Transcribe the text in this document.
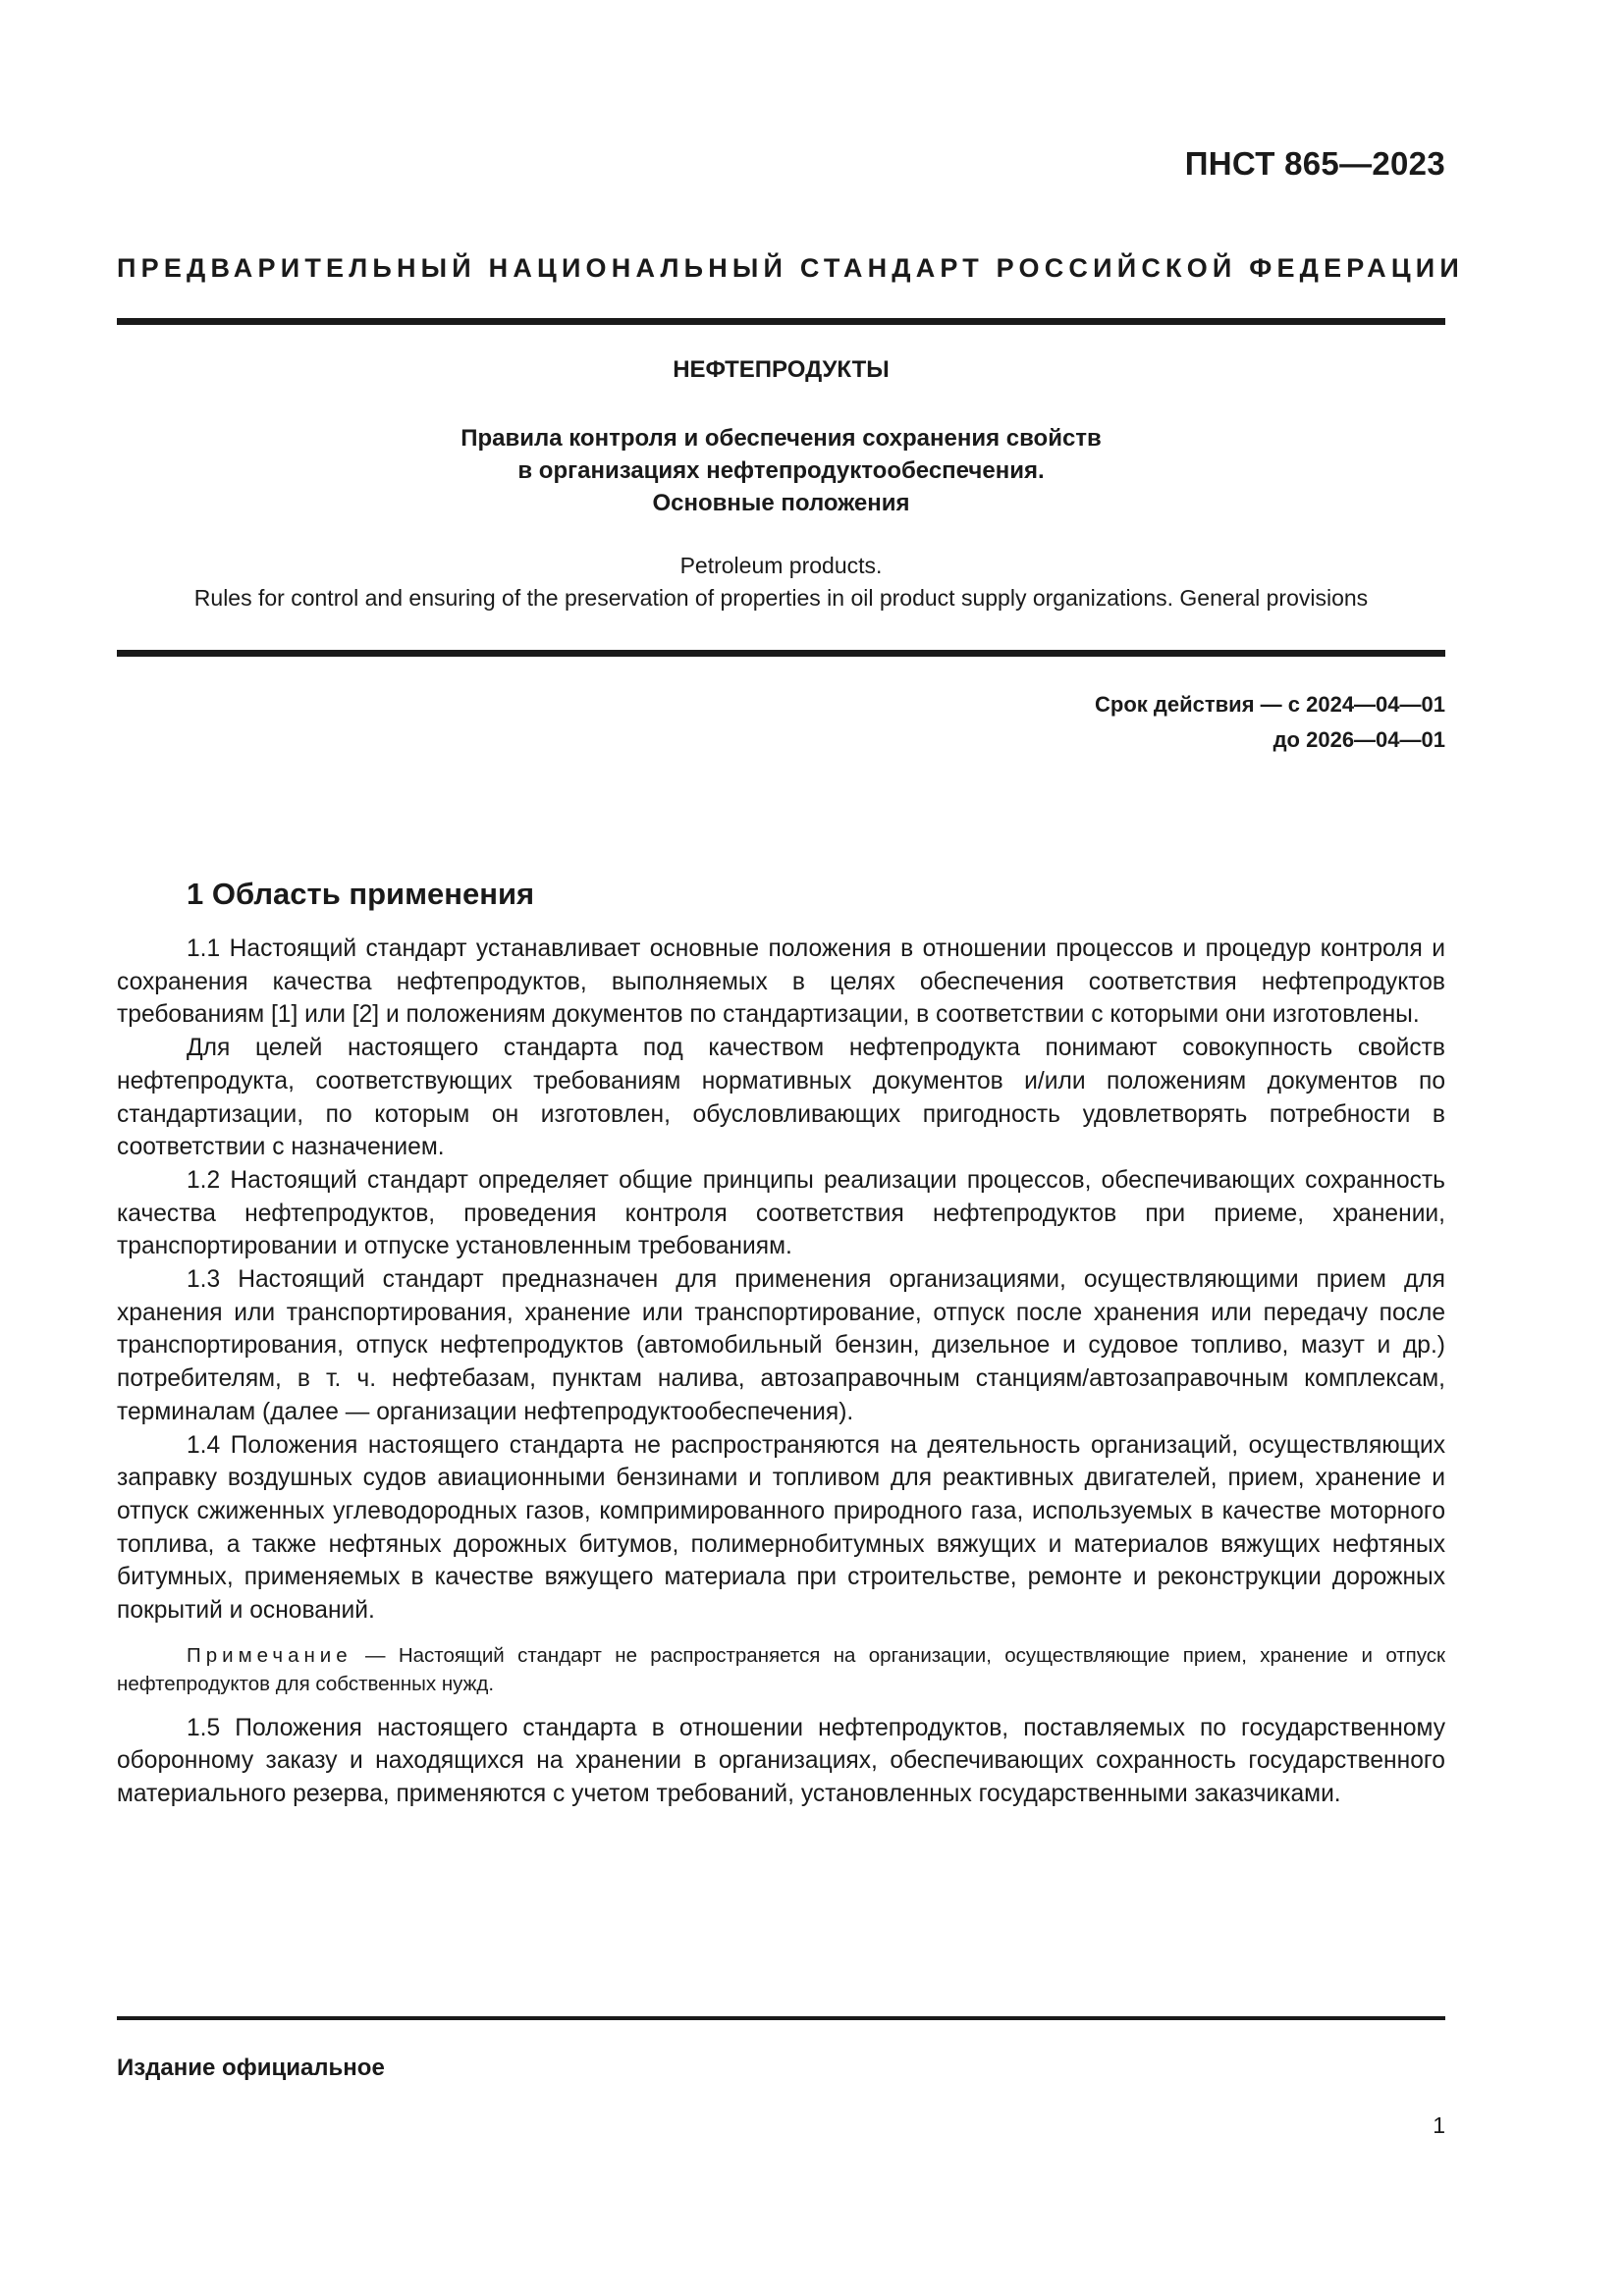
ПНСТ 865—2023
ПРЕДВАРИТЕЛЬНЫЙ НАЦИОНАЛЬНЫЙ СТАНДАРТ РОССИЙСКОЙ ФЕДЕРАЦИИ
НЕФТЕПРОДУКТЫ
Правила контроля и обеспечения сохранения свойств
в организациях нефтепродуктообеспечения.
Основные положения
Petroleum products.
Rules for control and ensuring of the preservation of properties in oil product supply organizations. General provisions
Срок действия — с 2024—04—01
до 2026—04—01
1 Область применения

1.1 Настоящий стандарт устанавливает основные положения в отношении процессов и процедур контроля и сохранения качества нефтепродуктов, выполняемых в целях обеспечения соответствия нефтепродуктов требованиям [1] или [2] и положениям документов по стандартизации, в соответствии с которыми они изготовлены.

Для целей настоящего стандарта под качеством нефтепродукта понимают совокупность свойств нефтепродукта, соответствующих требованиям нормативных документов и/или положениям документов по стандартизации, по которым он изготовлен, обусловливающих пригодность удовлетворять потребности в соответствии с назначением.

1.2 Настоящий стандарт определяет общие принципы реализации процессов, обеспечивающих сохранность качества нефтепродуктов, проведения контроля соответствия нефтепродуктов при приеме, хранении, транспортировании и отпуске установленным требованиям.

1.3 Настоящий стандарт предназначен для применения организациями, осуществляющими прием для хранения или транспортирования, хранение или транспортирование, отпуск после хранения или передачу после транспортирования, отпуск нефтепродуктов (автомобильный бензин, дизельное и судовое топливо, мазут и др.) потребителям, в т. ч. нефтебазам, пунктам налива, автозаправочным станциям/автозаправочным комплексам, терминалам (далее — организации нефтепродуктообеспечения).

1.4 Положения настоящего стандарта не распространяются на деятельность организаций, осуществляющих заправку воздушных судов авиационными бензинами и топливом для реактивных двигателей, прием, хранение и отпуск сжиженных углеводородных газов, компримированного природного газа, используемых в качестве моторного топлива, а также нефтяных дорожных битумов, полимернобитумных вяжущих и материалов вяжущих нефтяных битумных, применяемых в качестве вяжущего материала при строительстве, ремонте и реконструкции дорожных покрытий и оснований.

Примечание — Настоящий стандарт не распространяется на организации, осуществляющие прием, хранение и отпуск нефтепродуктов для собственных нужд.

1.5 Положения настоящего стандарта в отношении нефтепродуктов, поставляемых по государственному оборонному заказу и находящихся на хранении в организациях, обеспечивающих сохранность государственного материального резерва, применяются с учетом требований, установленных государственными заказчиками.

Издание официальное
1
